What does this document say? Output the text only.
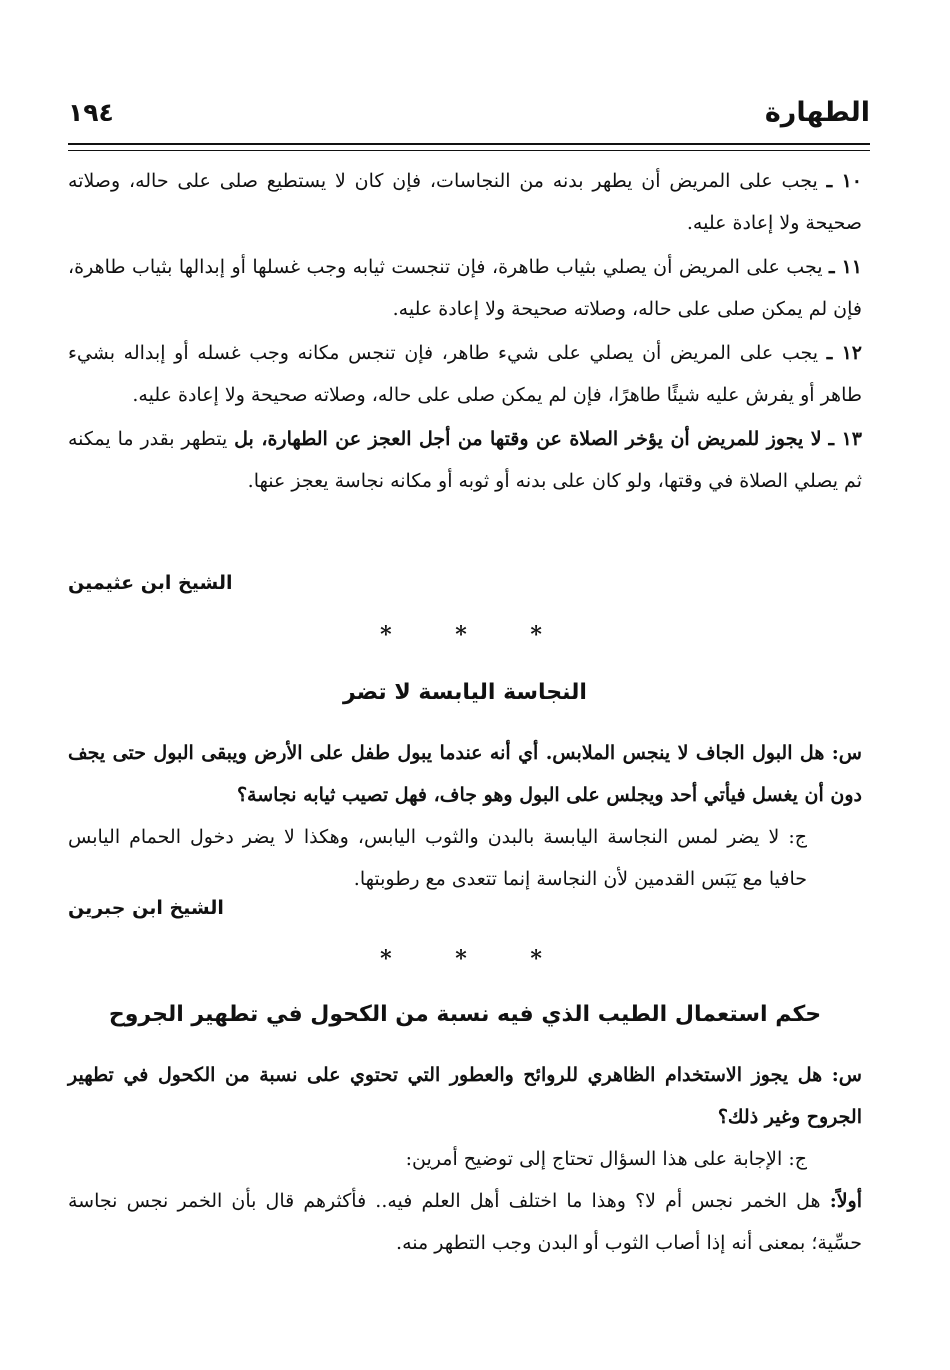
الطهارة
١٩٤

١٠ ـ يجب على المريض أن يطهر بدنه من النجاسات، فإن كان لا يستطيع صلى على حاله، وصلاته صحيحة ولا إعادة عليه.

١١ ـ يجب على المريض أن يصلي بثياب طاهرة، فإن تنجست ثيابه وجب غسلها أو إبدالها بثياب طاهرة، فإن لم يمكن صلى على حاله، وصلاته صحيحة ولا إعادة عليه.

١٢ ـ يجب على المريض أن يصلي على شيء طاهر، فإن تنجس مكانه وجب غسله أو إبداله بشيء طاهر أو يفرش عليه شيئًا طاهرًا، فإن لم يمكن صلى على حاله، وصلاته صحيحة ولا إعادة عليه.

١٣ ـ لا يجوز للمريض أن يؤخر الصلاة عن وقتها من أجل العجز عن الطهارة، بل يتطهر بقدر ما يمكنه ثم يصلي الصلاة في وقتها، ولو كان على بدنه أو ثوبه أو مكانه نجاسة يعجز عنها.

الشيخ ابن عثيمين
* * *
النجاسة اليابسة لا تضر

س: هل البول الجاف لا ينجس الملابس. أي أنه عندما يبول طفل على الأرض ويبقى البول حتى يجف دون أن يغسل فيأتي أحد ويجلس على البول وهو جاف، فهل تصيب ثيابه نجاسة؟

ج: لا يضر لمس النجاسة اليابسة بالبدن والثوب اليابس، وهكذا لا يضر دخول الحمام اليابس حافيا مع يَبَس القدمين لأن النجاسة إنما تتعدى مع رطوبتها.

الشيخ ابن جبرين
* * *
حكم استعمال الطيب الذي فيه نسبة من الكحول في تطهير الجروح

س: هل يجوز الاستخدام الظاهري للروائح والعطور التي تحتوي على نسبة من الكحول في تطهير الجروح وغير ذلك؟

ج: الإجابة على هذا السؤال تحتاج إلى توضيح أمرين:

أولاً: هل الخمر نجس أم لا؟ وهذا ما اختلف أهل العلم فيه.. فأكثرهم قال بأن الخمر نجس نجاسة حسِّية؛ بمعنى أنه إذا أصاب الثوب أو البدن وجب التطهر منه.
